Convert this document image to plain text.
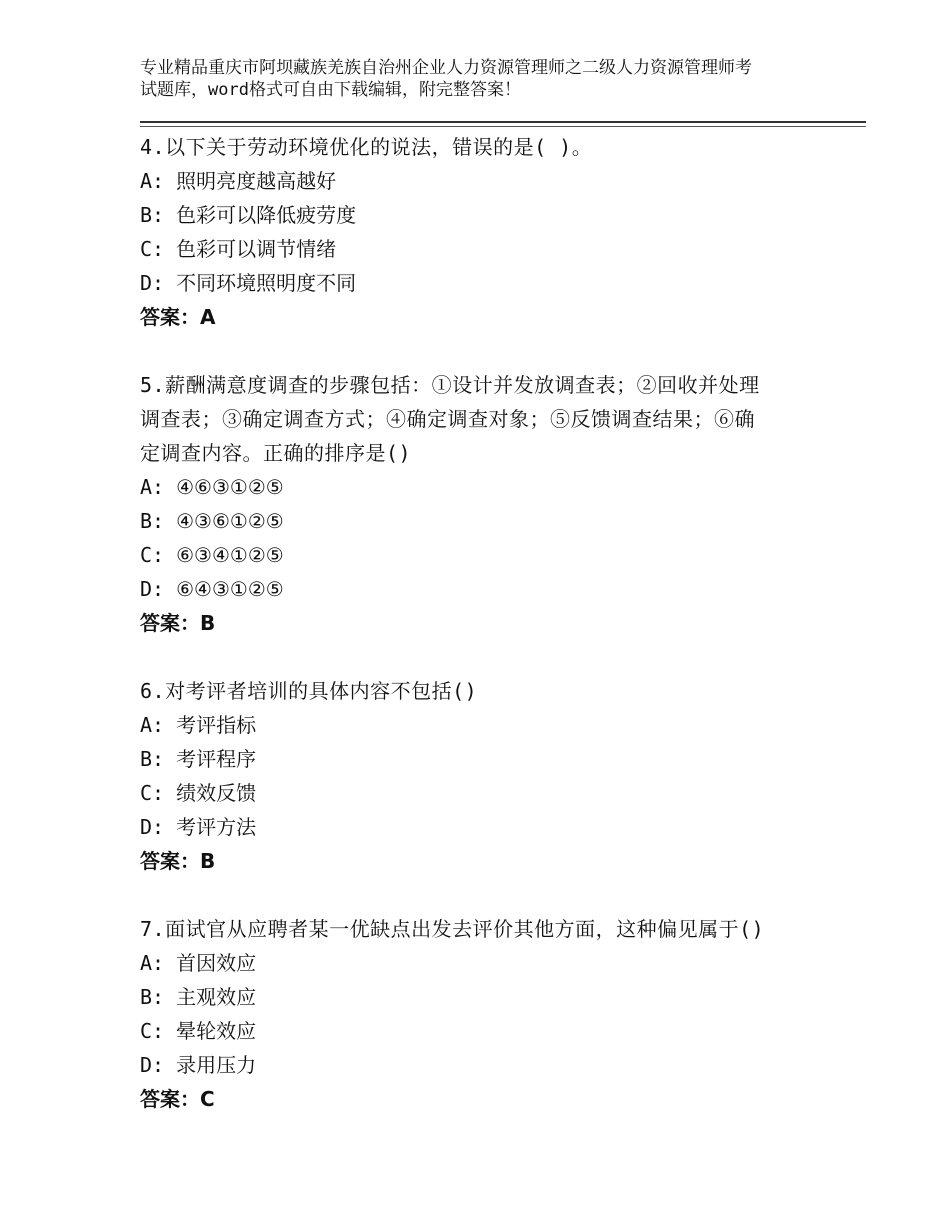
专业精品重庆市阿坝藏族羌族自治州企业人力资源管理师之二级人力资源管理师考
试题库，word格式可自由下载编辑，附完整答案！
4.以下关于劳动环境优化的说法，错误的是( )。
A: 照明亮度越高越好
B: 色彩可以降低疲劳度
C: 色彩可以调节情绪
D: 不同环境照明度不同
答案：A
5.薪酬满意度调查的步骤包括：①设计并发放调查表；②回收并处理
调查表；③确定调查方式；④确定调查对象；⑤反馈调查结果；⑥确
定调查内容。正确的排序是()
A: ④⑥③①②⑤
B: ④③⑥①②⑤
C: ⑥③④①②⑤
D: ⑥④③①②⑤
答案：B
6.对考评者培训的具体内容不包括()
A: 考评指标
B: 考评程序
C: 绩效反馈
D: 考评方法
答案：B
7.面试官从应聘者某一优缺点出发去评价其他方面，这种偏见属于()
A: 首因效应
B: 主观效应
C: 晕轮效应
D: 录用压力
答案：C
